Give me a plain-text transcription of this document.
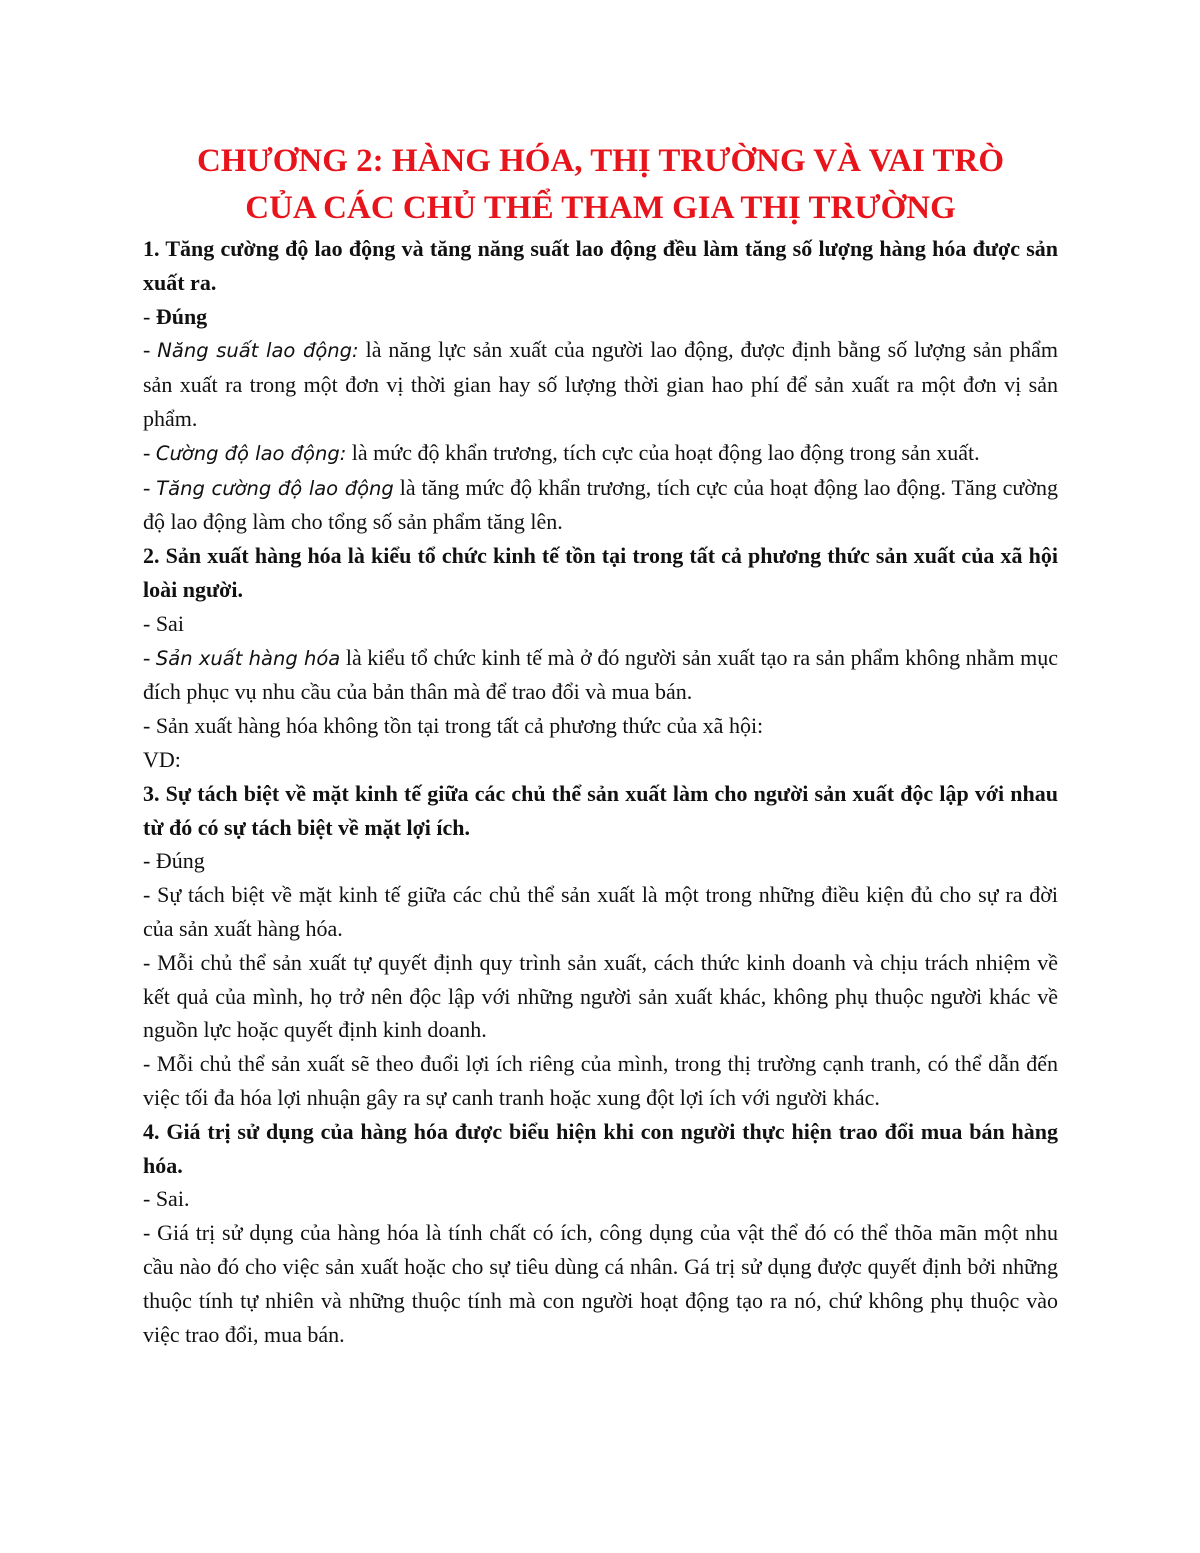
CHƯƠNG 2: HÀNG HÓA, THỊ TRƯỜNG VÀ VAI TRÒ
CỦA CÁC CHỦ THỂ THAM GIA THỊ TRƯỜNG

1. Tăng cường độ lao động và tăng năng suất lao động đều làm tăng số lượng hàng hóa được sản xuất ra.

- Đúng

- Năng suất lao động: là năng lực sản xuất của người lao động, được định bằng số lượng sản phẩm sản xuất ra trong một đơn vị thời gian hay số lượng thời gian hao phí để sản xuất ra một đơn vị sản phẩm.

- Cường độ lao động: là mức độ khẩn trương, tích cực của hoạt động lao động trong sản xuất.

- Tăng cường độ lao động là tăng mức độ khẩn trương, tích cực của hoạt động lao động. Tăng cường độ lao động làm cho tổng số sản phẩm tăng lên.

2. Sản xuất hàng hóa là kiểu tổ chức kinh tế tồn tại trong tất cả phương thức sản xuất của xã hội loài người.

- Sai

- Sản xuất hàng hóa là kiểu tổ chức kinh tế mà ở đó người sản xuất tạo ra sản phẩm không nhằm mục đích phục vụ nhu cầu của bản thân mà để trao đổi và mua bán.

- Sản xuất hàng hóa không tồn tại trong tất cả phương thức của xã hội:

VD:

3. Sự tách biệt về mặt kinh tế giữa các chủ thể sản xuất làm cho người sản xuất độc lập với nhau từ đó có sự tách biệt về mặt lợi ích.

- Đúng

- Sự tách biệt về mặt kinh tế giữa các chủ thể sản xuất là một trong những điều kiện đủ cho sự ra đời của sản xuất hàng hóa.

- Mỗi chủ thể sản xuất tự quyết định quy trình sản xuất, cách thức kinh doanh và chịu trách nhiệm về kết quả của mình, họ trở nên độc lập với những người sản xuất khác, không phụ thuộc người khác về nguồn lực hoặc quyết định kinh doanh.

- Mỗi chủ thể sản xuất sẽ theo đuổi lợi ích riêng của mình, trong thị trường cạnh tranh, có thể dẫn đến việc tối đa hóa lợi nhuận gây ra sự canh tranh hoặc xung đột lợi ích với người khác.

4. Giá trị sử dụng của hàng hóa được biểu hiện khi con người thực hiện trao đổi mua bán hàng hóa.

- Sai.

- Giá trị sử dụng của hàng hóa là tính chất có ích, công dụng của vật thể đó có thể thõa mãn một nhu cầu nào đó cho việc sản xuất hoặc cho sự tiêu dùng cá nhân. Gá trị sử dụng được quyết định bởi những thuộc tính tự nhiên và những thuộc tính mà con người hoạt động tạo ra nó, chứ không phụ thuộc vào việc trao đổi, mua bán.
